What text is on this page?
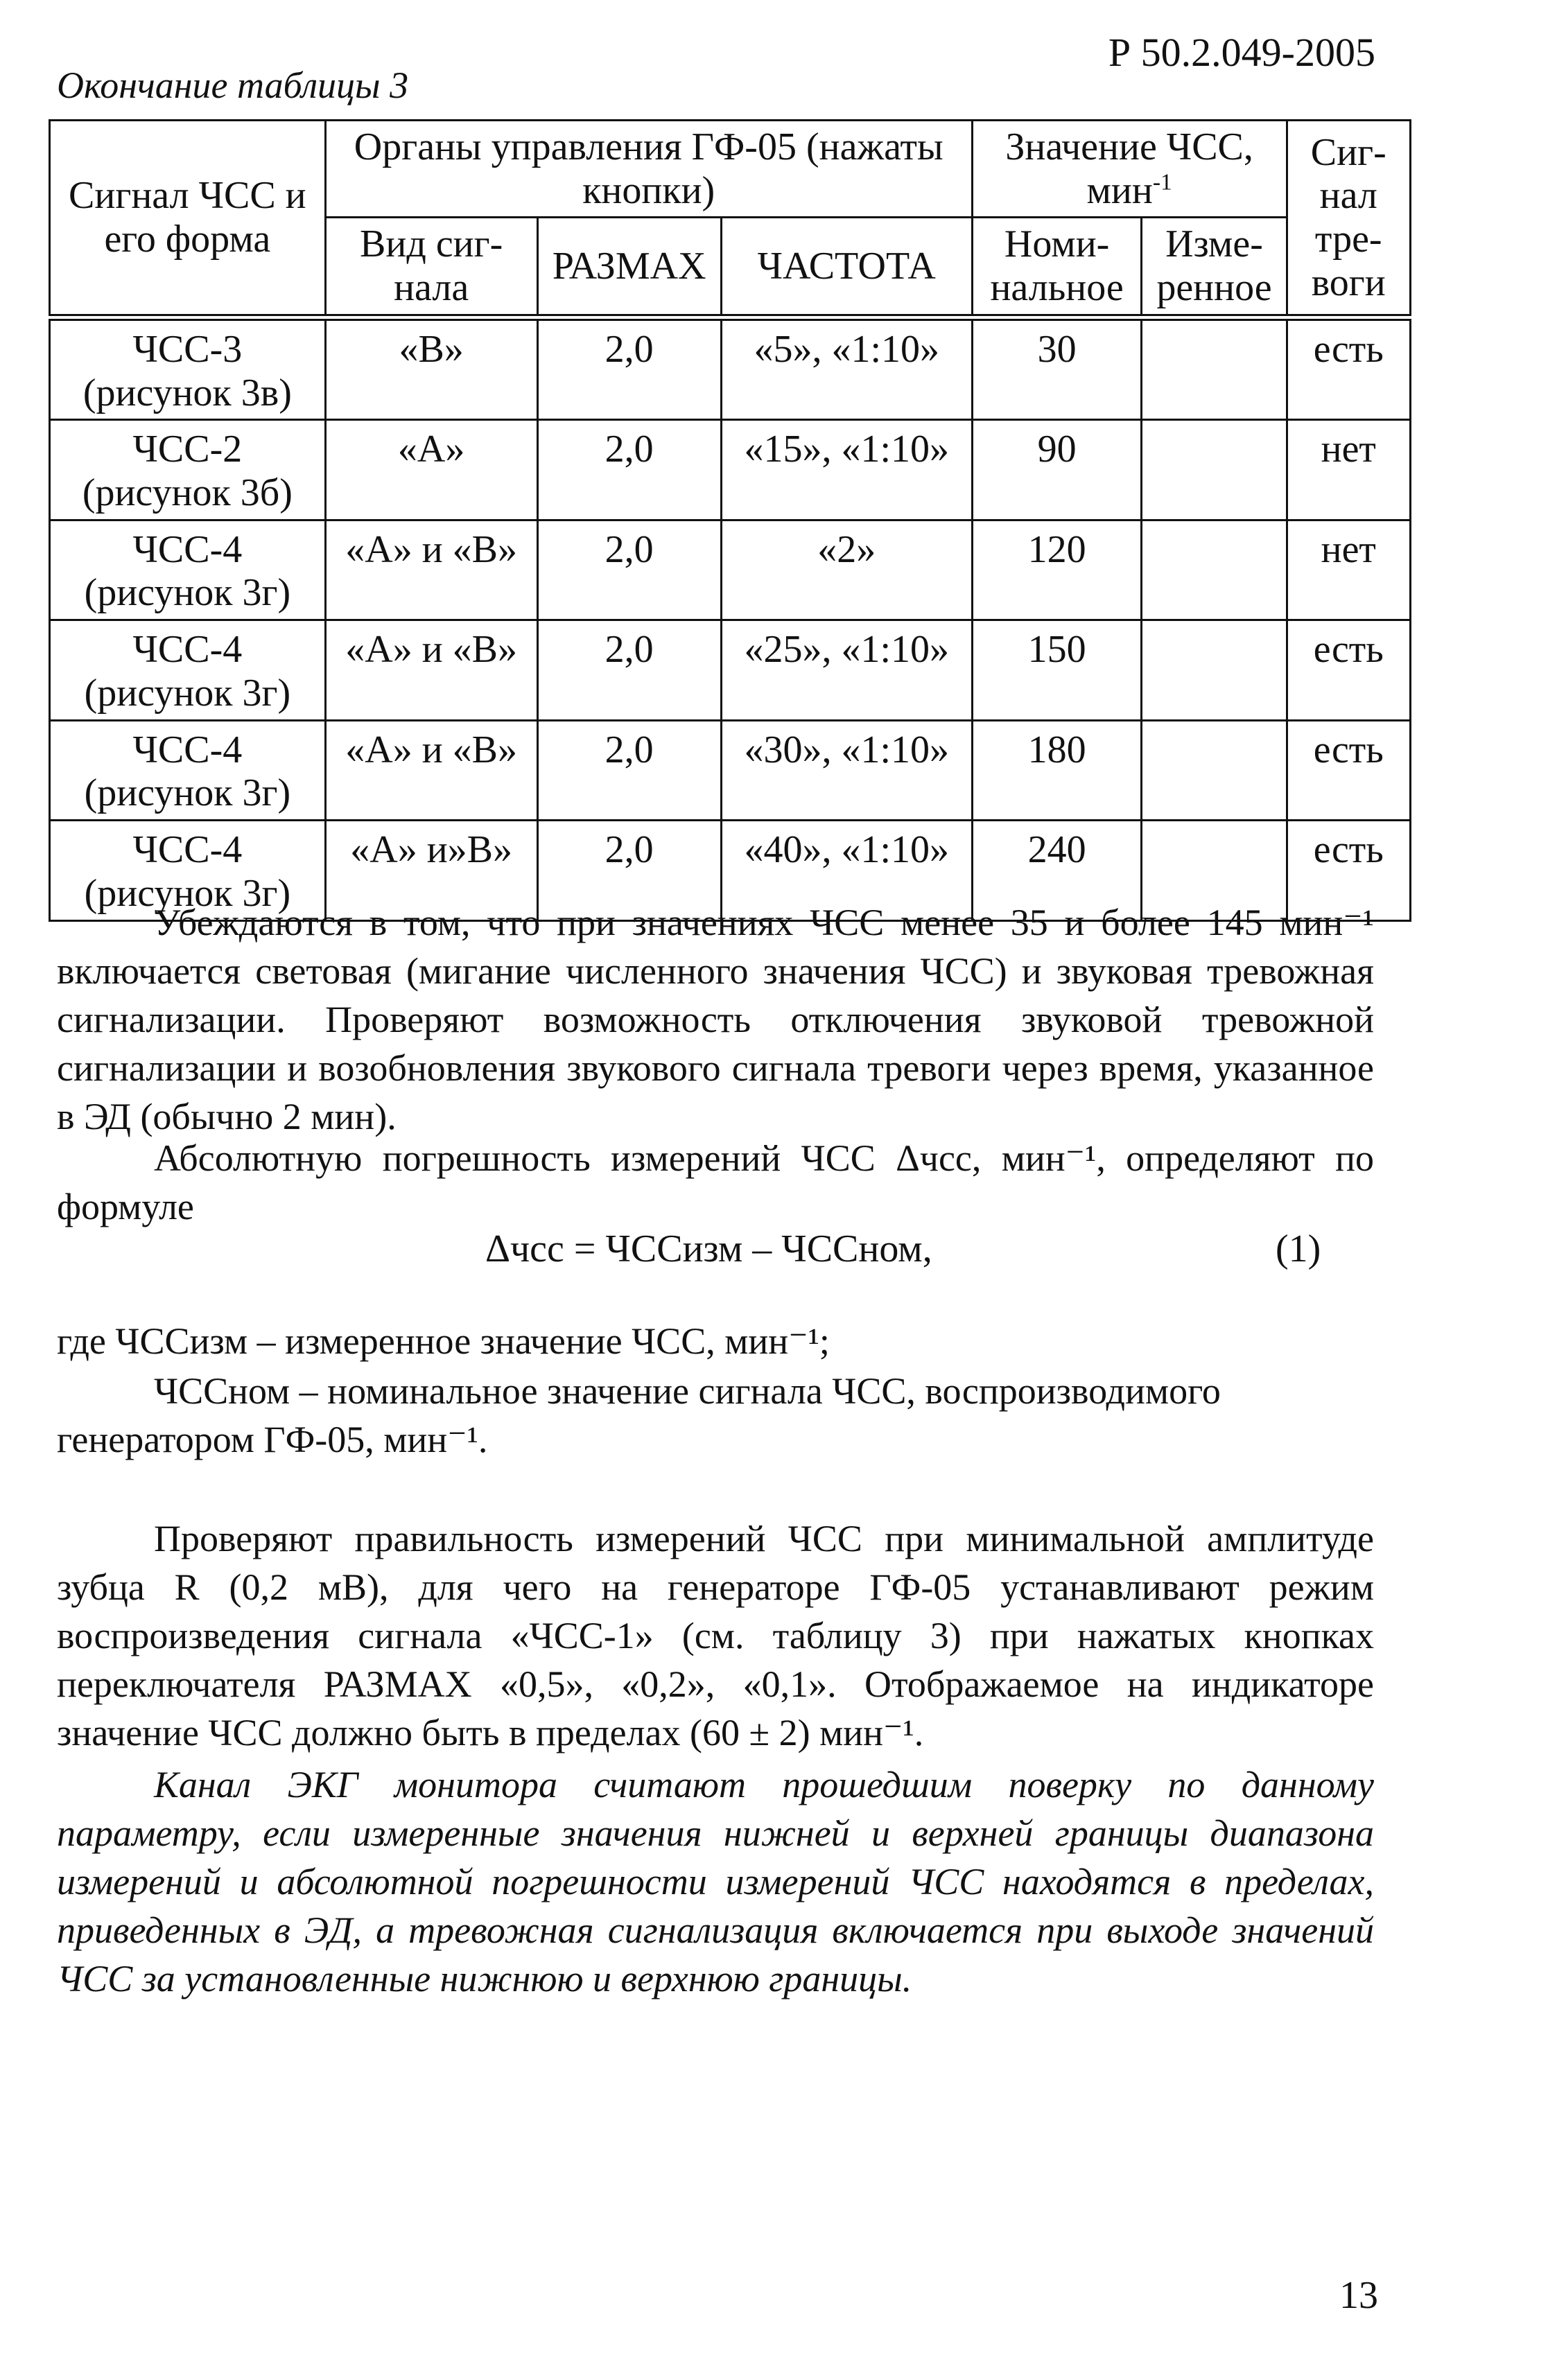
Р 50.2.049-2005
Окончание таблицы 3
Сигнал ЧСС и его форма	Органы управления ГФ-05 (нажаты кнопки)			Значение ЧСС, мин$^{-1}$		Сиг-нал тре-воги
	Вид сиг-нала	РАЗМАХ	ЧАСТОТА	Номи-нальное	Изме-ренное	

ЧСС-3
(рисунок 3в)	«В»	2,0	«5», «1:10»	30		есть

ЧСС-2
(рисунок 3б)	«А»	2,0	«15», «1:10»	90		нет

ЧСС-4
(рисунок 3г)	«А» и «В»	2,0	«2»	120		нет

ЧСС-4
(рисунок 3г)	«А» и «В»	2,0	«25», «1:10»	150		есть

ЧСС-4
(рисунок 3г)	«А» и «В»	2,0	«30», «1:10»	180		есть

ЧСС-4
(рисунок 3г)	«А» и»В»	2,0	«40», «1:10»	240		есть
Убеждаются в том, что при значениях ЧСС менее 35 и более 145 мин⁻¹ включается световая (мигание численного значения ЧСС) и звуковая тревожная сигнализации. Проверяют возможность отключения звуковой тревожной сигнализации и возобновления звукового сигнала тревоги через время, указанное в ЭД (обычно 2 мин).
Абсолютную погрешность измерений ЧСС Δчсс, мин⁻¹, определяют по формуле
Δчсс = ЧССизм – ЧССном,	(1)
где ЧССизм – измеренное значение ЧСС, мин⁻¹;
ЧССном – номинальное значение сигнала ЧСС, воспроизводимого генератором ГФ-05, мин⁻¹.
Проверяют правильность измерений ЧСС при минимальной амплитуде зубца R (0,2 мВ), для чего на генераторе ГФ-05 устанавливают режим воспроизведения сигнала «ЧСС-1» (см. таблицу 3) при нажатых кнопках переключателя РАЗМАХ «0,5», «0,2», «0,1». Отображаемое на индикаторе значение ЧСС должно быть в пределах (60 ± 2) мин⁻¹.
Канал ЭКГ монитора считают прошедшим поверку по данному параметру, если измеренные значения нижней и верхней границы диапазона измерений и абсолютной погрешности измерений ЧСС находятся в пределах, приведенных в ЭД, а тревожная сигнализация включается при выходе значений ЧСС за установленные нижнюю и верхнюю границы.
13
